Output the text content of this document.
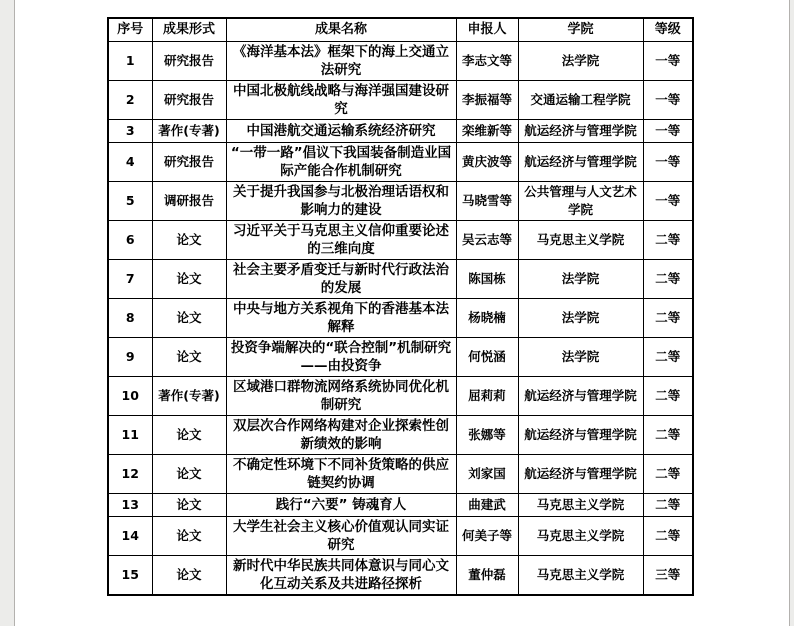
序号	成果形式	成果名称	申报人	学院	等级
1	研究报告	《海洋基本法》框架下的海上交通立法研究	李志文等	法学院	一等
2	研究报告	中国北极航线战略与海洋强国建设研究	李振福等	交通运输工程学院	一等
3	著作(专著)	中国港航交通运输系统经济研究	栾维新等	航运经济与管理学院	一等
4	研究报告	“一带一路”倡议下我国装备制造业国际产能合作机制研究	黄庆波等	航运经济与管理学院	一等
5	调研报告	关于提升我国参与北极治理话语权和影响力的建设	马晓雪等	公共管理与人文艺术学院	一等
6	论文	习近平关于马克思主义信仰重要论述的三维向度	吴云志等	马克思主义学院	二等
7	论文	社会主要矛盾变迁与新时代行政法治的发展	陈国栋	法学院	二等
8	论文	中央与地方关系视角下的香港基本法解释	杨晓楠	法学院	二等
9	论文	投资争端解决的“联合控制”机制研究——由投资争	何悦涵	法学院	二等
10	著作(专著)	区域港口群物流网络系统协同优化机制研究	屈莉莉	航运经济与管理学院	二等
11	论文	双层次合作网络构建对企业探索性创新绩效的影响	张娜等	航运经济与管理学院	二等
12	论文	不确定性环境下不同补货策略的供应链契约协调	刘家国	航运经济与管理学院	二等
13	论文	践行“六要” 铸魂育人	曲建武	马克思主义学院	二等
14	论文	大学生社会主义核心价值观认同实证研究	何美子等	马克思主义学院	二等
15	论文	新时代中华民族共同体意识与同心文化互动关系及共进路径探析	董仲磊	马克思主义学院	三等
